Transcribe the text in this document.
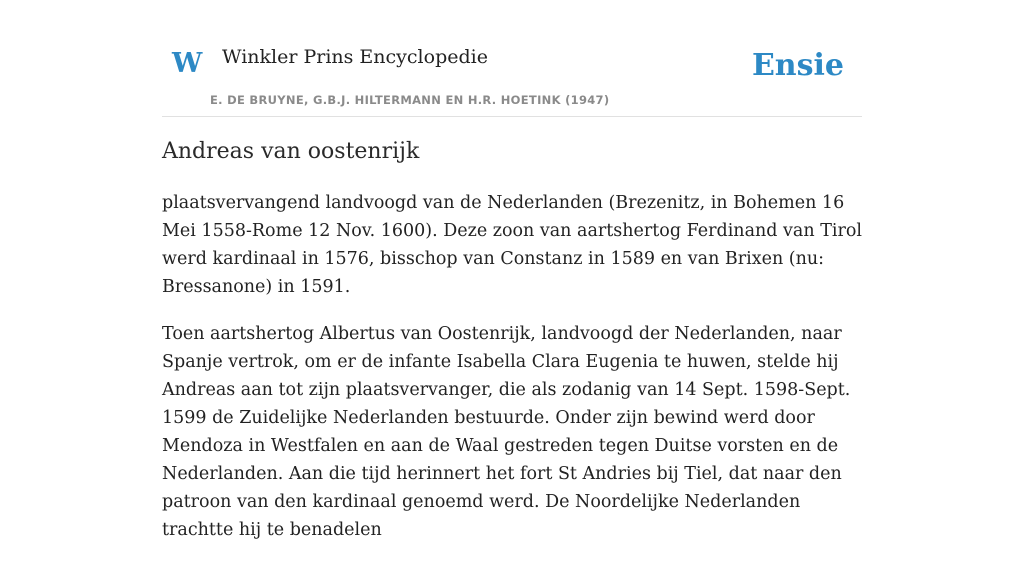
W Winkler Prins Encyclopedie
E. DE BRUYNE, G.B.J. HILTERMANN EN H.R. HOETINK (1947)
Ensie
Andreas van oostenrijk

plaatsvervangend landvoogd van de Nederlanden (Brezenitz, in Bohemen 16 Mei 1558-Rome 12 Nov. 1600). Deze zoon van aartshertog Ferdinand van Tirol werd kardinaal in 1576, bisschop van Constanz in 1589 en van Brixen (nu: Bressanone) in 1591.

Toen aartshertog Albertus van Oostenrijk, landvoogd der Nederlanden, naar Spanje vertrok, om er de infante Isabella Clara Eugenia te huwen, stelde hij Andreas aan tot zijn plaatsvervanger, die als zodanig van 14 Sept. 1598-Sept. 1599 de Zuidelijke Nederlanden bestuurde. Onder zijn bewind werd door Mendoza in Westfalen en aan de Waal gestreden tegen Duitse vorsten en de Nederlanden. Aan die tijd herinnert het fort St Andries bij Tiel, dat naar den patroon van den kardinaal genoemd werd. De Noordelijke Nederlanden trachtte hij te benadelen
